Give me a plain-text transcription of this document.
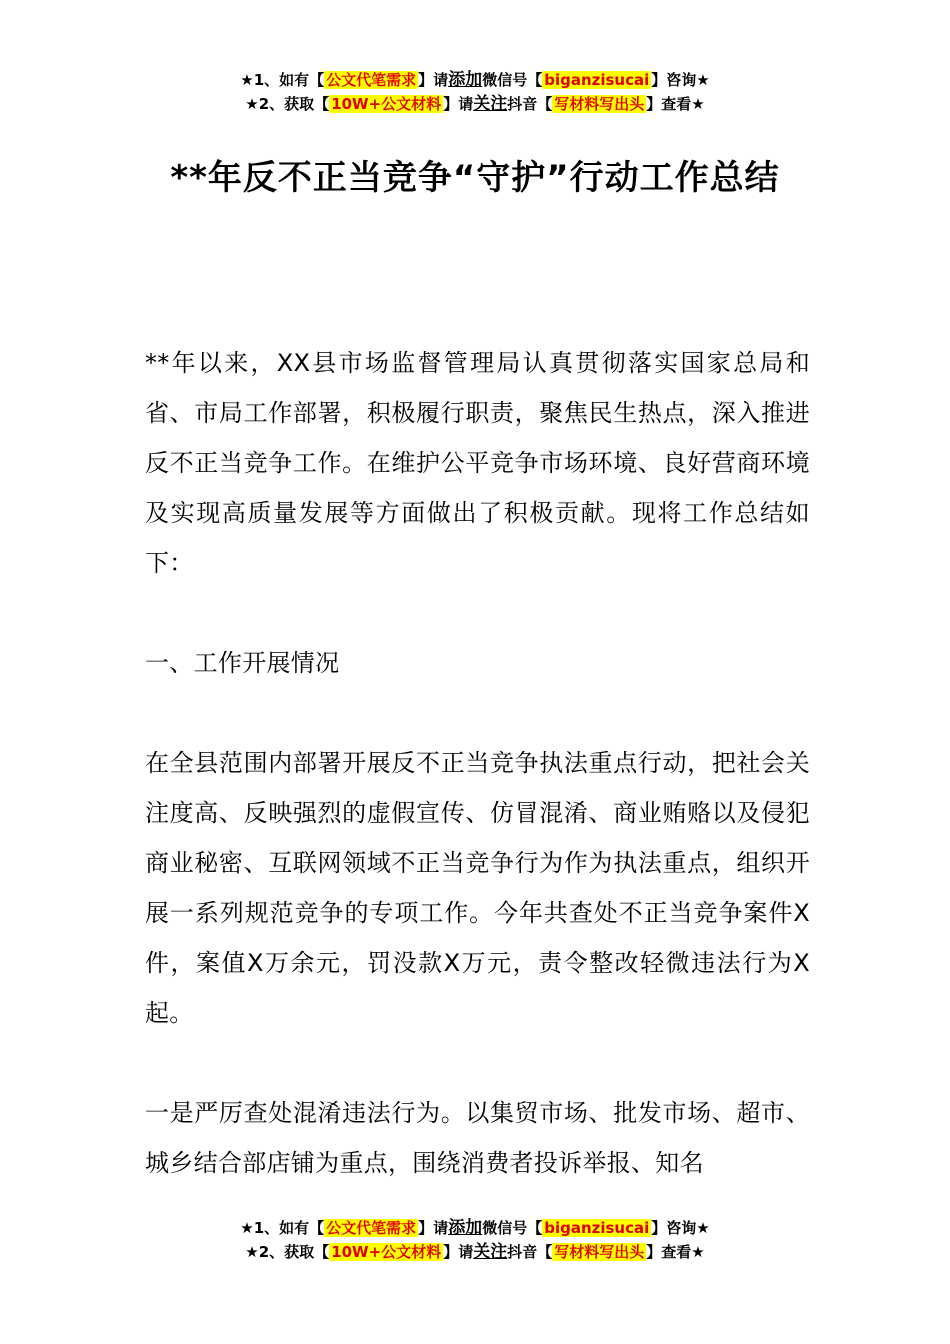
★1、如有【 公文代笔需求 】请添加微信号【 biganzisucai 】咨询★
★2、获取【 10W+公文材料 】请关注抖音【 写材料写出头 】查看★
**年反不正当竞争“守护”行动工作总结

**年以来，XX县市场监督管理局认真贯彻落实国家总局和省、市局工作部署，积极履行职责，聚焦民生热点，深入推进反不正当竞争工作。在维护公平竞争市场环境、良好营商环境及实现高质量发展等方面做出了积极贡献。现将工作总结如下：

一、工作开展情况

在全县范围内部署开展反不正当竞争执法重点行动，把社会关注度高、反映强烈的虚假宣传、仿冒混淆、商业贿赂以及侵犯商业秘密、互联网领域不正当竞争行为作为执法重点，组织开展一系列规范竞争的专项工作。今年共查处不正当竞争案件X件，案值X万余元，罚没款X万元，责令整改轻微违法行为X起。

一是严厉查处混淆违法行为。以集贸市场、批发市场、超市、城乡结合部店铺为重点，围绕消费者投诉举报、知名

★1、如有【 公文代笔需求 】请添加微信号【 biganzisucai 】咨询★
★2、获取【 10W+公文材料 】请关注抖音【 写材料写出头 】查看★
